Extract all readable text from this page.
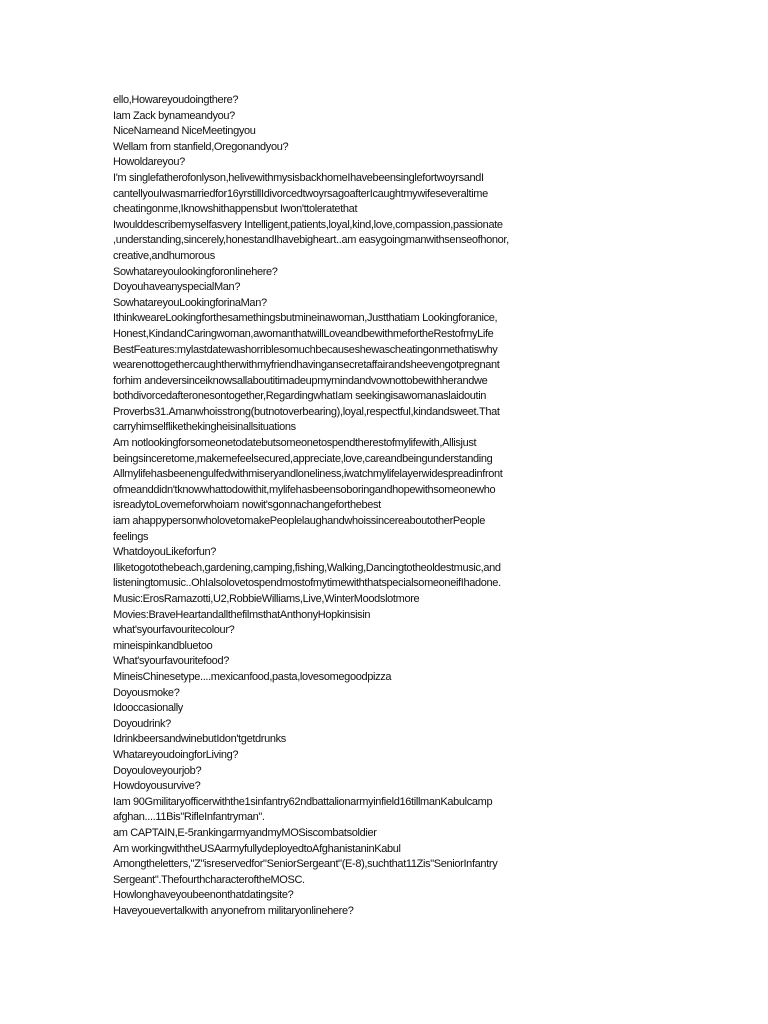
ello,Howareyoudoingthere?
Iam Zack bynameandyou?
NiceNameand NiceMeetingyou
Wellam from stanfield,Oregonandyou?
Howoldareyou?
I'm singlefatherofonlyson,helivewithmysisbackhomeIhavebeensinglefortwoyrsandI
cantellyouIwasmarriedfor16yrstillIdivorcedtwoyrsagoafterIcaughtmywifeseveraltime
cheatingonme,Iknowshithappensbut Iwon'ttoleratethat
Iwoulddescribemyselfasvery Intelligent,patients,loyal,kind,love,compassion,passionate
,understanding,sincerely,honestandIhavebigheart..am easygoingmanwithsenseofhonor,
creative,andhumorous
SowhatareyoulookingforonIinehere?
DoyouhaveanyspecialMan?
SowhatareyouLookingforinaMan?
IthinkweareLookingforthesamethingsbutmineinawoman,Justthatiam Lookingforanice,
Honest,KindandCaringwoman,awomanthatwillLoveandbewithmefortheRestofmyLife
BestFeatures:mylastdatewashorriblesomuchbecauseshewascheatingonmethatiswhy
wearenottogethercaughtherwithmyfriendhavingansecretaffairandsheevengotpregnant
forhim andeversinceiknowsallaboutitimadeupmymindandvownottobewithherandwe
bothdivorcedafteronesontogether,RegardingwhatIam seekingisawomanaslaidoutin
Proverbs31.Amanwhoisstrong(butnotoverbearing),loyal,respectful,kindandsweet.That
carryhimselflikethekingheisinallsituations
Am notlookingforsomeonetodatebutsomeonetospendtherestofmylifewith,Allisjust
beingsinceretome,makemefeelsecured,appreciate,love,careandbeingunderstanding
Allmylifehasbeenengulfedwithmiseryandloneliness,iwatchmylifelayerwidespreadinfront
ofmeanddidn'tknowwhattodowithit,mylifehasbeensoboringandhopewithsomeonewho
isreadytoLovemeforwhoiam nowit'sgonnachangeforthebest
iam ahappypersonwholovetomakePeoplelaughandwhoissincereaboutotherPeople
feelings
WhatdoyouLikeforfun?
Iliketogotothebeach,gardening,camping,fishing,Walking,Dancingtotheoldestmusic,and
listeningtomusic..OhIalsolovetospendmostofmytimewiththatspecialsomeoneifIhadone.
Music:ErosRamazotti,U2,RobbieWilliams,Live,WinterMoodslotmore
Movies:BraveHeartandallthefilmsthatAnthonyHopkinsisin
what'syourfavouritecolour?
mineispinkandbluetoo
What'syourfavouritefood?
MineisChinesetype....mexicanfood,pasta,lovesomegoodpizza
Doyousmoke?
Idooccasionally
Doyoudrink?
IdrinkbeersandwinebutIdon'tgetdrunks
WhatareyoudoingforLiving?
Doyouloveyourjob?
Howdoyousurvive?
Iam 90Gmilitaryofficerwiththe1sinfantry62ndbattalionarmyinfield16tillmanKabulcamp
afghan....11Bis"RifleInfantryman".
am CAPTAIN,E-5rankingarmyandmyMOSiscombatsoldier
Am workingwiththeUSAarmyfullydeployedtoAfghanistaninKabul
Amongtheletters,"Z"isreservedfor"SeniorSergeant"(E-8),suchthat11Zis"SeniorInfantry
Sergeant".ThefourthcharacteroftheMOSC.
Howlonghaveyoubeenonthatdatingsite?
Haveyouevertalkwith anyonefrom militaryonlinehere?
